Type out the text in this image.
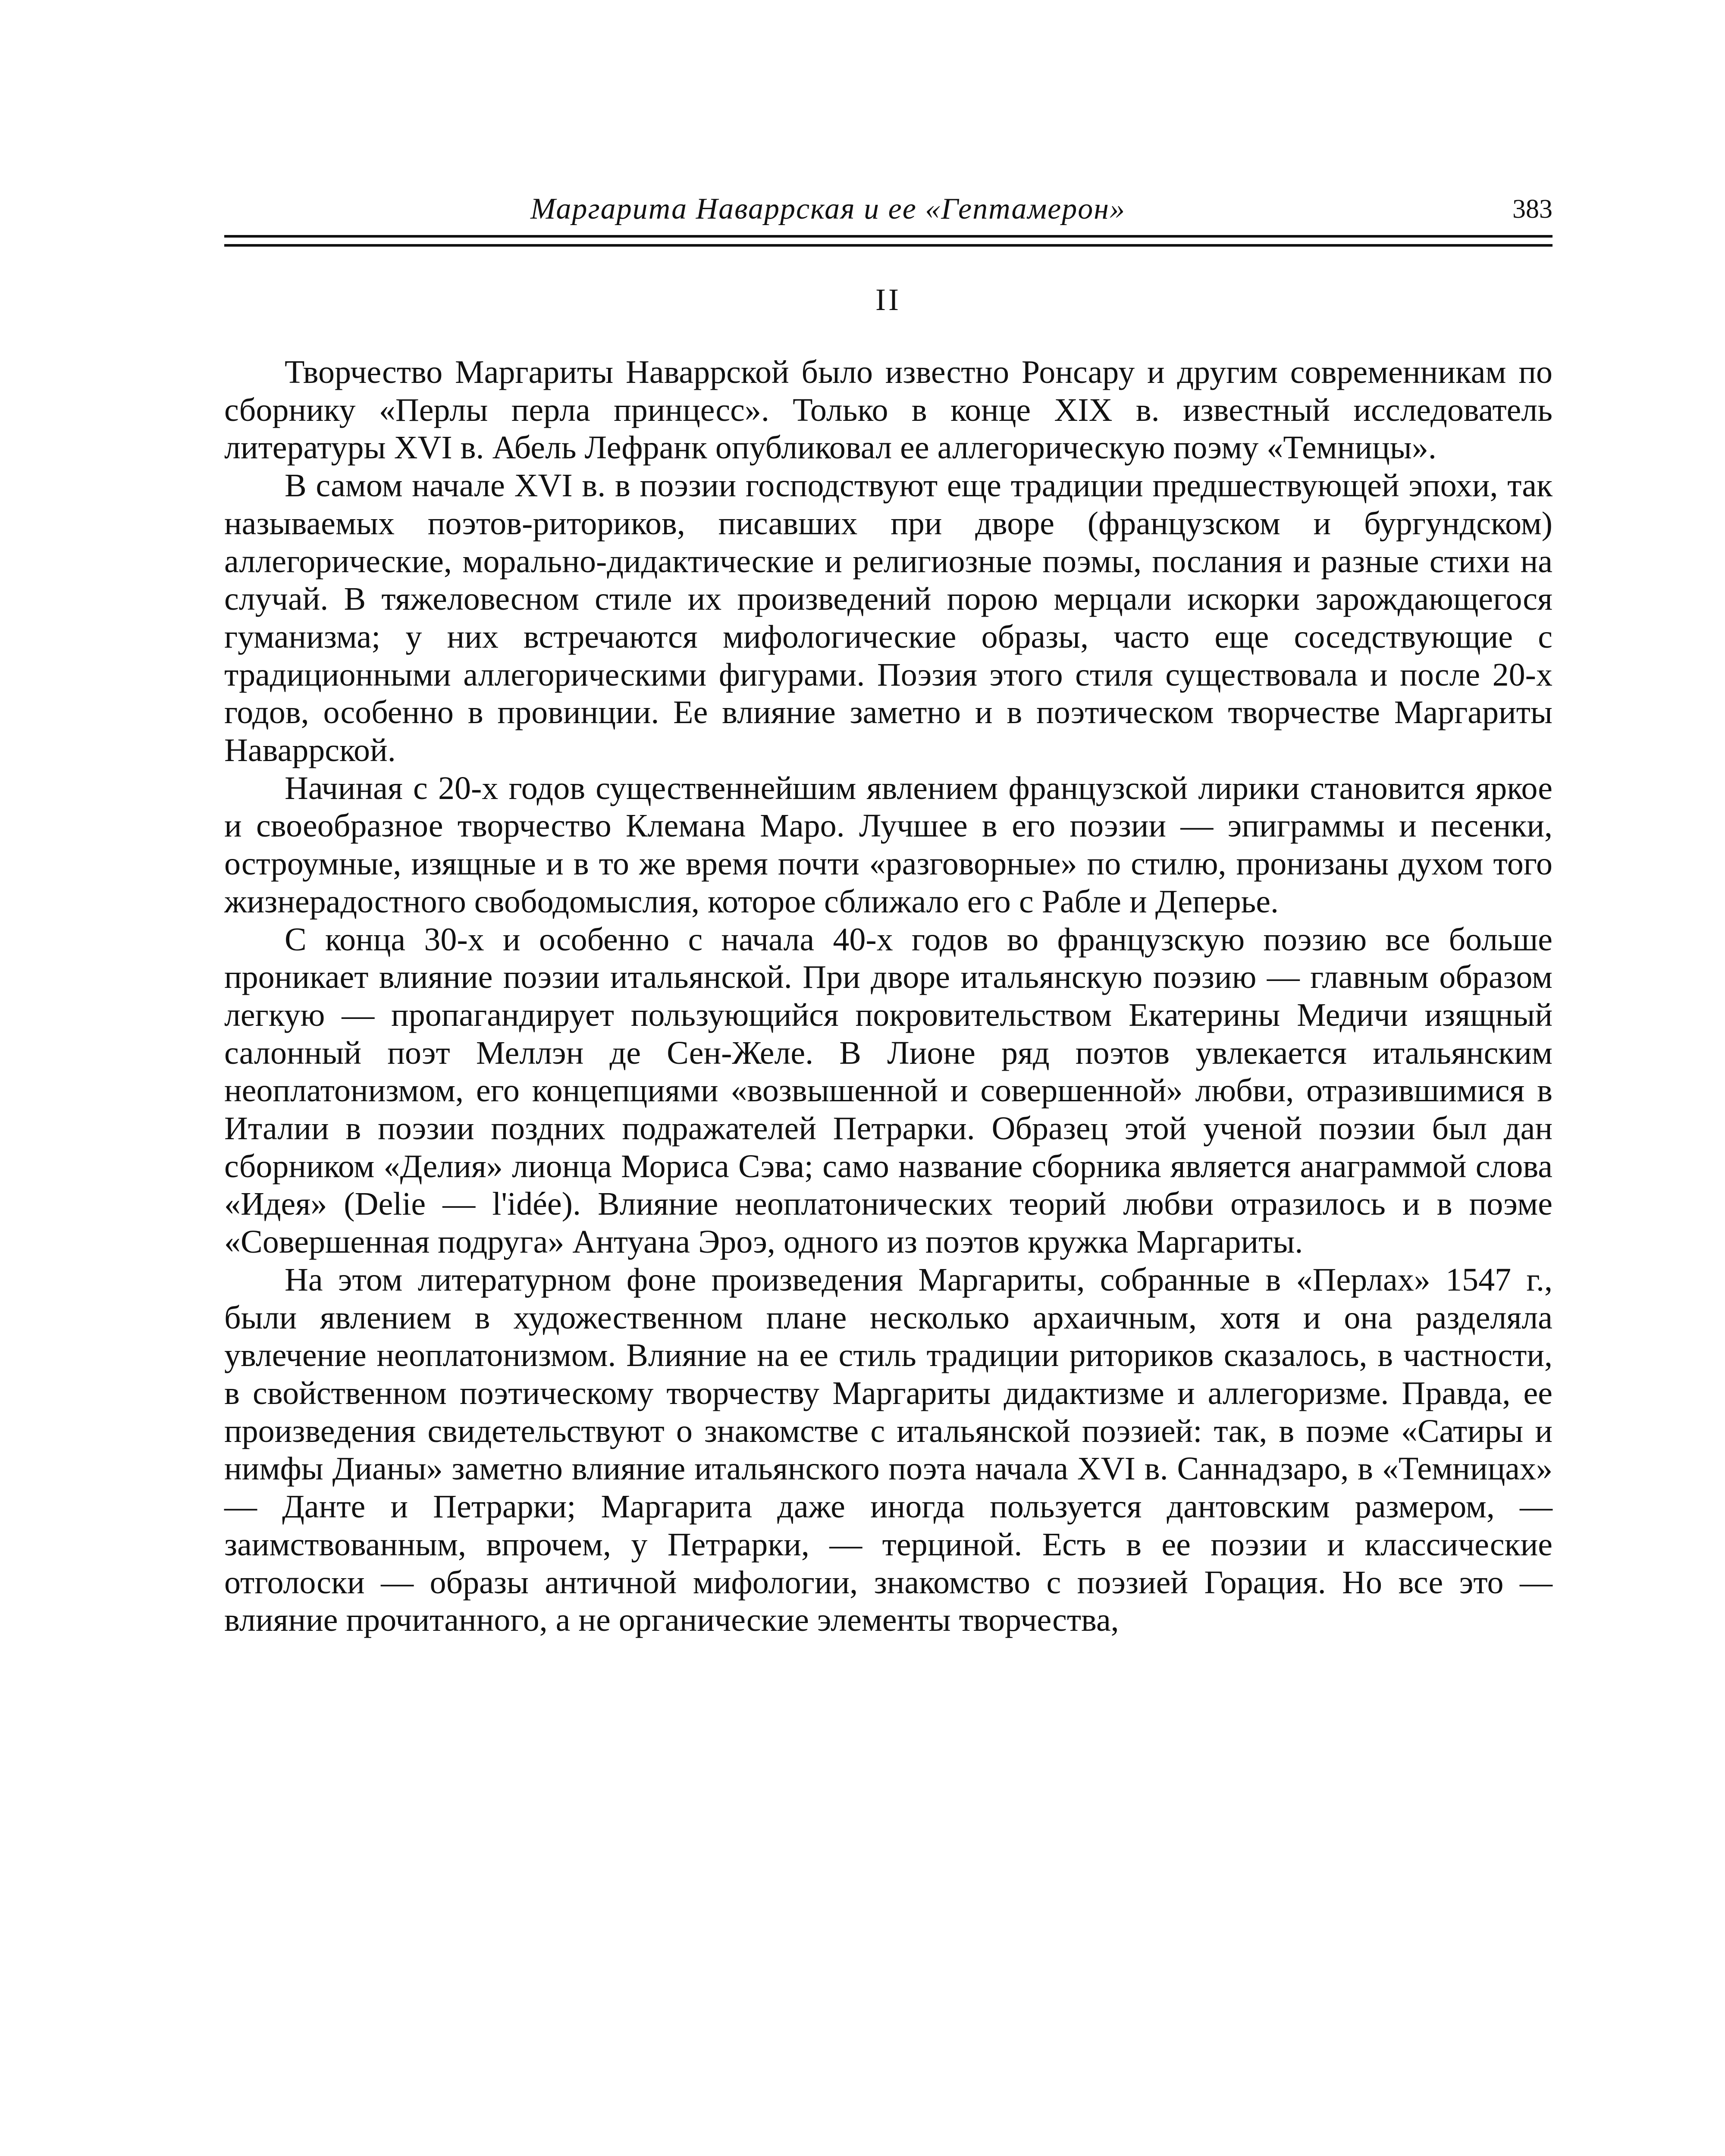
Маргарита Наваррская и ее «Гептамерон»	383
II

Творчество Маргариты Наваррской было известно Ронсару и другим современникам по сборнику «Перлы перла принцесс». Только в конце XIX в. известный исследователь литературы XVI в. Абель Лефранк опубликовал ее аллегорическую поэму «Темницы».

В самом начале XVI в. в поэзии господствуют еще традиции предшествующей эпохи, так называемых поэтов-риториков, писавших при дворе (французском и бургундском) аллегорические, морально-дидактические и религиозные поэмы, послания и разные стихи на случай. В тяжеловесном стиле их произведений порою мерцали искорки зарождающегося гуманизма; у них встречаются мифологические образы, часто еще соседствующие с традиционными аллегорическими фигурами. Поэзия этого стиля существовала и после 20-х годов, особенно в провинции. Ее влияние заметно и в поэтическом творчестве Маргариты Наваррской.

Начиная с 20-х годов существеннейшим явлением французской лирики становится яркое и своеобразное творчество Клемана Маро. Лучшее в его поэзии — эпиграммы и песенки, остроумные, изящные и в то же время почти «разговорные» по стилю, пронизаны духом того жизнерадостного свободомыслия, которое сближало его с Рабле и Деперье.

С конца 30-х и особенно с начала 40-х годов во французскую поэзию все больше проникает влияние поэзии итальянской. При дворе итальянскую поэзию — главным образом легкую — пропагандирует пользующийся покровительством Екатерины Медичи изящный салонный поэт Меллэн де Сен-Желе. В Лионе ряд поэтов увлекается итальянским неоплатонизмом, его концепциями «возвышенной и совершенной» любви, отразившимися в Италии в поэзии поздних подражателей Петрарки. Образец этой ученой поэзии был дан сборником «Делия» лионца Мориса Сэва; само название сборника является анаграммой слова «Идея» (Delie — l'idée). Влияние неоплатонических теорий любви отразилось и в поэме «Совершенная подруга» Антуана Эроэ, одного из поэтов кружка Маргариты.

На этом литературном фоне произведения Маргариты, собранные в «Перлах» 1547 г., были явлением в художественном плане несколько архаичным, хотя и она разделяла увлечение неоплатонизмом. Влияние на ее стиль традиции риториков сказалось, в частности, в свойственном поэтическому творчеству Маргариты дидактизме и аллегоризме. Правда, ее произведения свидетельствуют о знакомстве с итальянской поэзией: так, в поэме «Сатиры и нимфы Дианы» заметно влияние итальянского поэта начала XVI в. Саннадзаро, в «Темницах» — Данте и Петрарки; Маргарита даже иногда пользуется дантовским размером, — заимствованным, впрочем, у Петрарки, — терциной. Есть в ее поэзии и классические отголоски — образы античной мифологии, знакомство с поэзией Горация. Но все это — влияние прочитанного, а не органические элементы творчества,
